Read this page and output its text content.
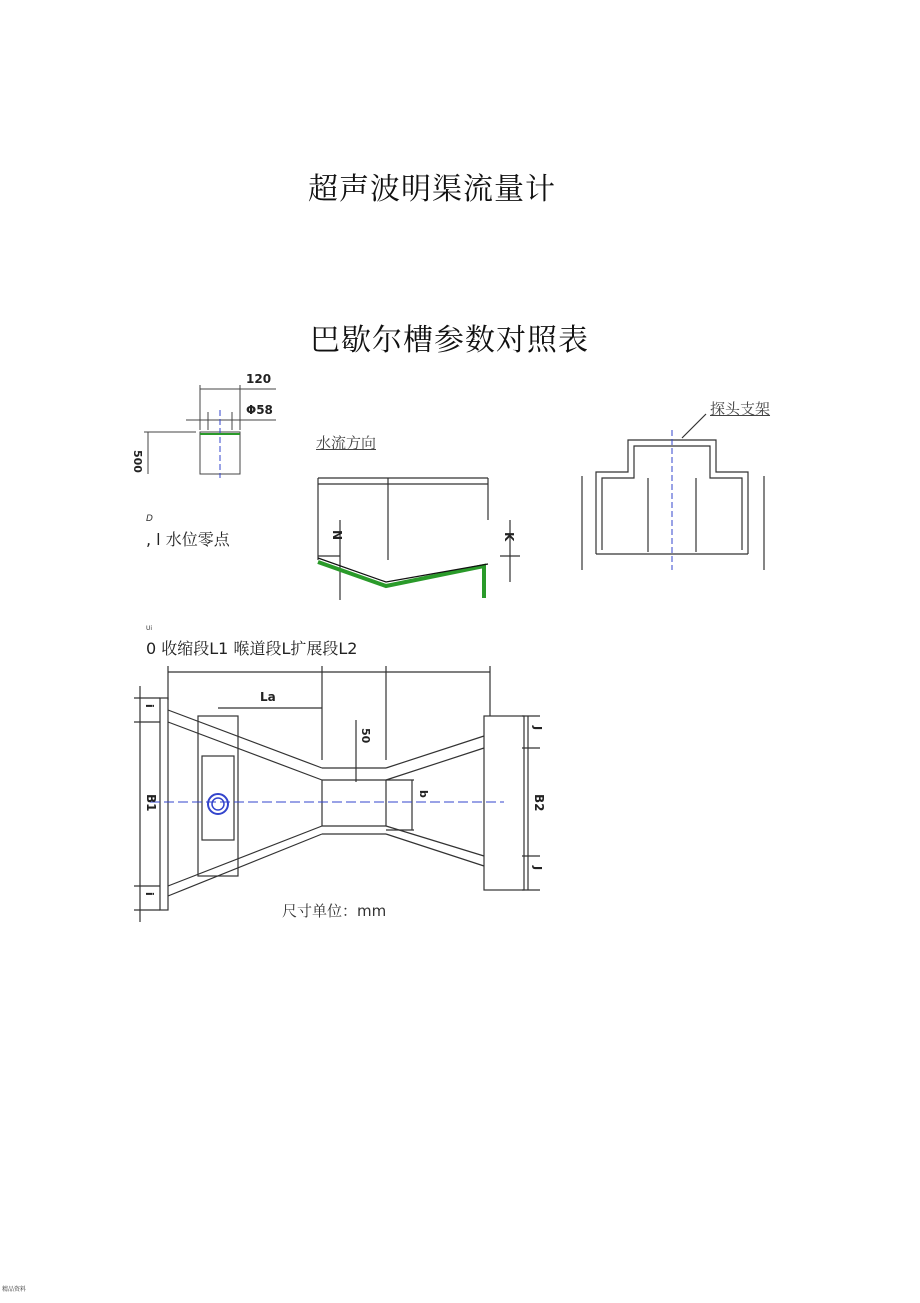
超声波明渠流量计
巴歇尔槽参数对照表
120
Φ58
500
D
, l 水位零点
水流方向
N	K
探头支架
Ui
0 收缩段L1 喉道段L扩展段L2
La
50
b
B1	B2
i
i
J
J
尺寸单位：mm
精品资料
